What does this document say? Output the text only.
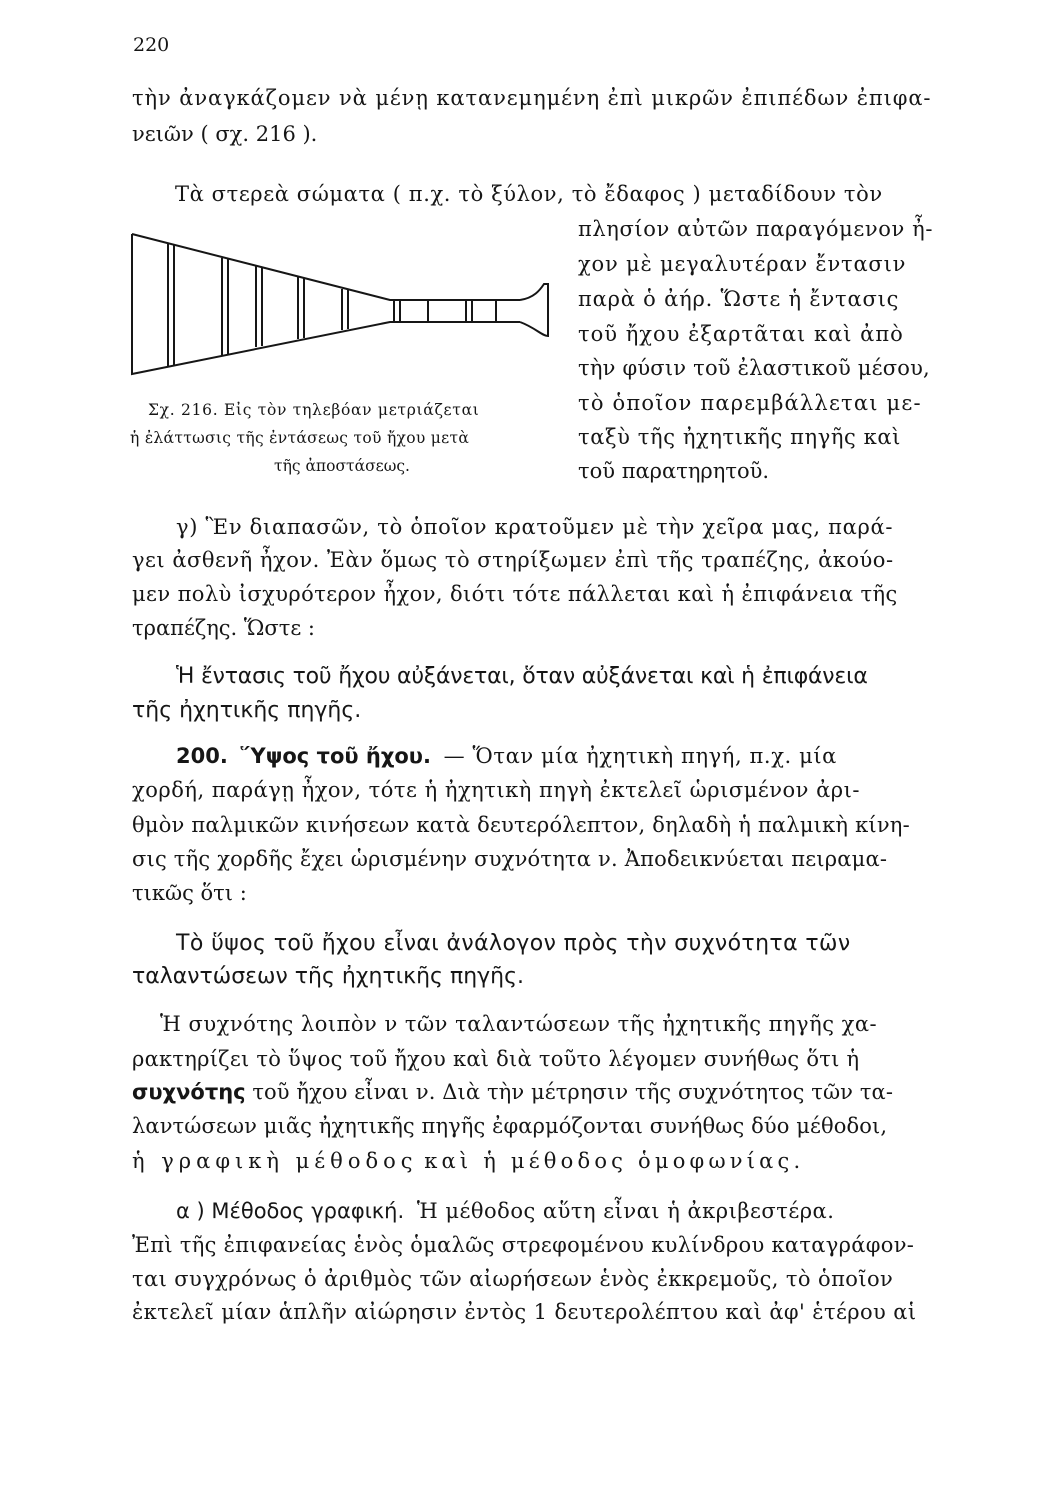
220
τὴν ἀναγκάζομεν νὰ μένῃ κατανεμημένη ἐπὶ μικρῶν ἐπιπέδων ἐπιφα-
νειῶν ( σχ. 216 ).
Τὰ στερεὰ σώματα ( π.χ. τὸ ξύλον, τὸ ἔδαφος ) μεταδίδουν τὸν
πλησίον αὐτῶν παραγόμενον ἦ-
χον μὲ μεγαλυτέραν ἔντασιν
παρὰ ὁ ἀήρ. Ὥστε ἡ ἔντασις
τοῦ ἤχου ἐξαρτᾶται καὶ ἀπὸ
τὴν φύσιν τοῦ ἐλαστικοῦ μέσου,
τὸ ὁποῖον παρεμβάλλεται με-
ταξὺ τῆς ἠχητικῆς πηγῆς καὶ
τοῦ παρατηρητοῦ.
Σχ. 216. Εἰς τὸν τηλεβόαν μετριάζεται
ἡ ἐλάττωσις τῆς ἐντάσεως τοῦ ἤχου μετὰ
τῆς ἀποστάσεως.
γ) Ἓν διαπασῶν, τὸ ὁποῖον κρατοῦμεν μὲ τὴν χεῖρα μας, παρά-
γει ἀσθενῆ ἦχον. Ἐὰν ὅμως τὸ στηρίξωμεν ἐπὶ τῆς τραπέζης, ἀκούο-
μεν πολὺ ἰσχυρότερον ἦχον, διότι τότε πάλλεται καὶ ἡ ἐπιφάνεια τῆς
τραπέζης. Ὥστε :
Ἡ ἔντασις τοῦ ἤχου αὐξάνεται, ὅταν αὐξάνεται καὶ ἡ ἐπιφάνεια
τῆς ἠχητικῆς πηγῆς.
200. Ὕψος τοῦ ἤχου. — Ὅταν μία ἠχητικὴ πηγή, π.χ. μία
χορδή, παράγῃ ἦχον, τότε ἡ ἠχητικὴ πηγὴ ἐκτελεῖ ὡρισμένον ἀρι-
θμὸν παλμικῶν κινήσεων κατὰ δευτερόλεπτον, δηλαδὴ ἡ παλμικὴ κίνη-
σις τῆς χορδῆς ἔχει ὡρισμένην συχνότητα ν. Ἀποδεικνύεται πειραμα-
τικῶς ὅτι :
Τὸ ὕψος τοῦ ἤχου εἶναι ἀνάλογον πρὸς τὴν συχνότητα τῶν
ταλαντώσεων τῆς ἠχητικῆς πηγῆς.
Ἡ συχνότης λοιπὸν ν τῶν ταλαντώσεων τῆς ἠχητικῆς πηγῆς χα-
ρακτηρίζει τὸ ὕψος τοῦ ἤχου καὶ διὰ τοῦτο λέγομεν συνήθως ὅτι ἡ
συχνότης τοῦ ἤχου εἶναι ν. Διὰ τὴν μέτρησιν τῆς συχνότητος τῶν τα-
λαντώσεων μιᾶς ἠχητικῆς πηγῆς ἐφαρμόζονται συνήθως δύο μέθοδοι,
ἡ γραφικὴ μέθοδος καὶ ἡ μέθοδος ὁμοφωνίας.
α ) Μέθοδος γραφική. Ἡ μέθοδος αὕτη εἶναι ἡ ἀκριβεστέρα.
Ἐπὶ τῆς ἐπιφανείας ἑνὸς ὁμαλῶς στρεφομένου κυλίνδρου καταγράφον-
ται συγχρόνως ὁ ἀριθμὸς τῶν αἰωρήσεων ἑνὸς ἐκκρεμοῦς, τὸ ὁποῖον
ἐκτελεῖ μίαν ἁπλῆν αἰώρησιν ἐντὸς 1 δευτερολέπτου καὶ ἀφ' ἑτέρου αἱ
